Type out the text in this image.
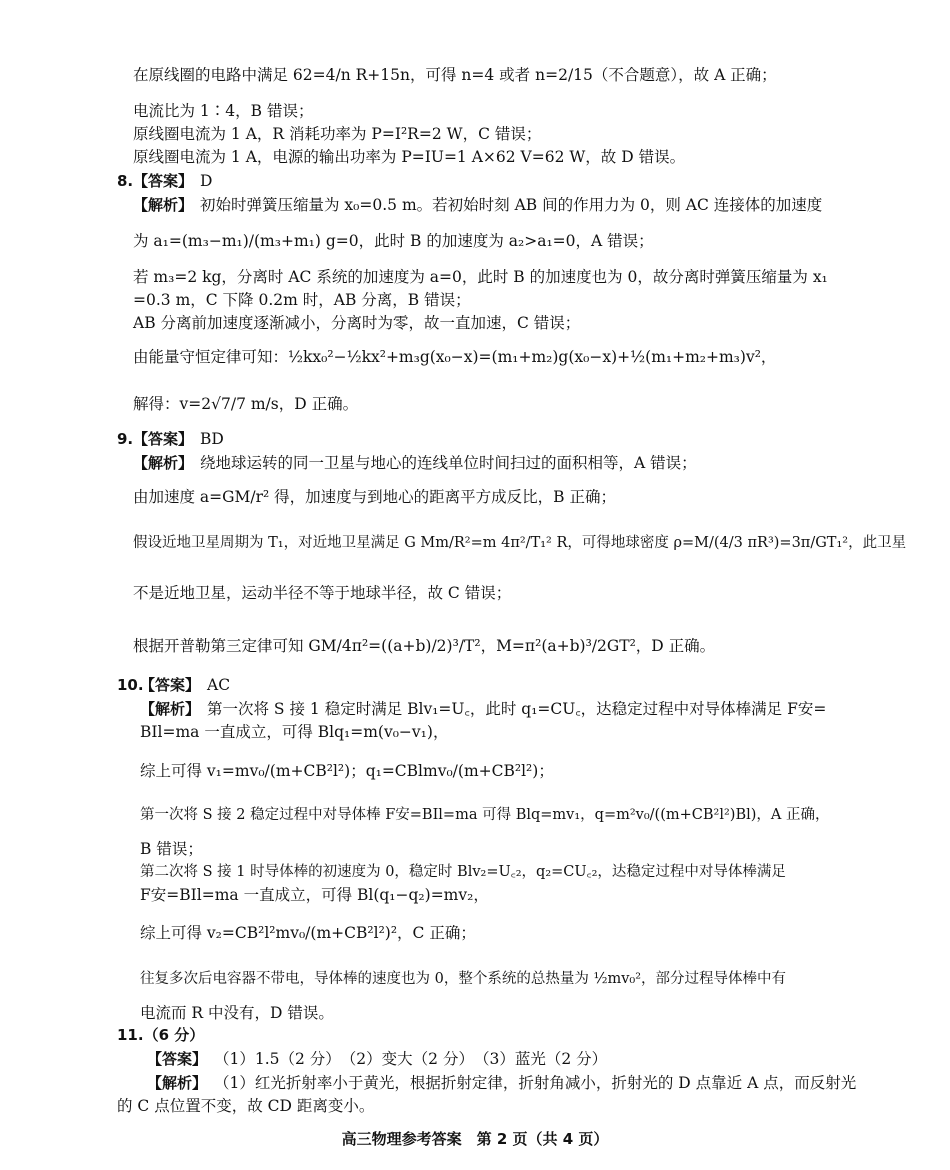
在原线圈的电路中满足 62=4/n R+15n，可得 n=4 或者 n=2/15（不合题意），故 A 正确；
电流比为 1∶4，B 错误；
原线圈电流为 1 A，R 消耗功率为 P=I²R=2 W，C 错误；
原线圈电流为 1 A，电源的输出功率为 P=IU=1 A×62 V=62 W，故 D 错误。
8. 【答案】 D
【解析】 初始时弹簧压缩量为 x₀=0.5 m。若初始时刻 AB 间的作用力为 0，则 AC 连接体的加速度
为 a₁=(m₃−m₁)/(m₃+m₁) g=0，此时 B 的加速度为 a₂>a₁=0，A 错误；
若 m₃=2 kg，分离时 AC 系统的加速度为 a=0，此时 B 的加速度也为 0，故分离时弹簧压缩量为 x₁
=0.3 m，C 下降 0.2m 时，AB 分离，B 错误；
AB 分离前加速度逐渐减小，分离时为零，故一直加速，C 错误；
由能量守恒定律可知：½kx₀²−½kx²+m₃g(x₀−x)=(m₁+m₂)g(x₀−x)+½(m₁+m₂+m₃)v²，
解得：v=2√7/7 m/s，D 正确。
9. 【答案】 BD
【解析】 绕地球运转的同一卫星与地心的连线单位时间扫过的面积相等，A 错误；
由加速度 a=GM/r² 得，加速度与到地心的距离平方成反比，B 正确；
假设近地卫星周期为 T₁，对近地卫星满足 G Mm/R²=m 4π²/T₁² R，可得地球密度 ρ=M/(4/3 πR³)=3π/GT₁²，此卫星
不是近地卫星，运动半径不等于地球半径，故 C 错误；
根据开普勒第三定律可知 GM/4π²=((a+b)/2)³/T²，M=π²(a+b)³/2GT²，D 正确。
10.
【答案】 AC
【解析】 第一次将 S 接 1 稳定时满足 Blv₁=U꜀，此时 q₁=CU꜀，达稳定过程中对导体棒满足 F安=
BIl=ma 一直成立，可得 Blq₁=m(v₀−v₁)，
综上可得 v₁=mv₀/(m+CB²l²)；q₁=CBlmv₀/(m+CB²l²)；
第一次将 S 接 2 稳定过程中对导体棒 F安=BIl=ma 可得 Blq=mv₁，q=m²v₀/((m+CB²l²)Bl)，A 正确，
B 错误；
第二次将 S 接 1 时导体棒的初速度为 0，稳定时 Blv₂=U꜀₂，q₂=CU꜀₂，达稳定过程中对导体棒满足
F安=BIl=ma 一直成立，可得 Bl(q₁−q₂)=mv₂，
综上可得 v₂=CB²l²mv₀/(m+CB²l²)²，C 正确；
往复多次后电容器不带电，导体棒的速度也为 0，整个系统的总热量为 ½mv₀²，部分过程导体棒中有
电流而 R 中没有，D 错误。
11.（6 分）
【答案】 （1）1.5（2 分）　（2）变大（2 分）　（3）蓝光（2 分）
【解析】 （1）红光折射率小于黄光，根据折射定律，折射角减小，折射光的 D 点靠近 A 点，而反射光
的 C 点位置不变，故 CD 距离变小。
高三物理参考答案　第 2 页（共 4 页）
